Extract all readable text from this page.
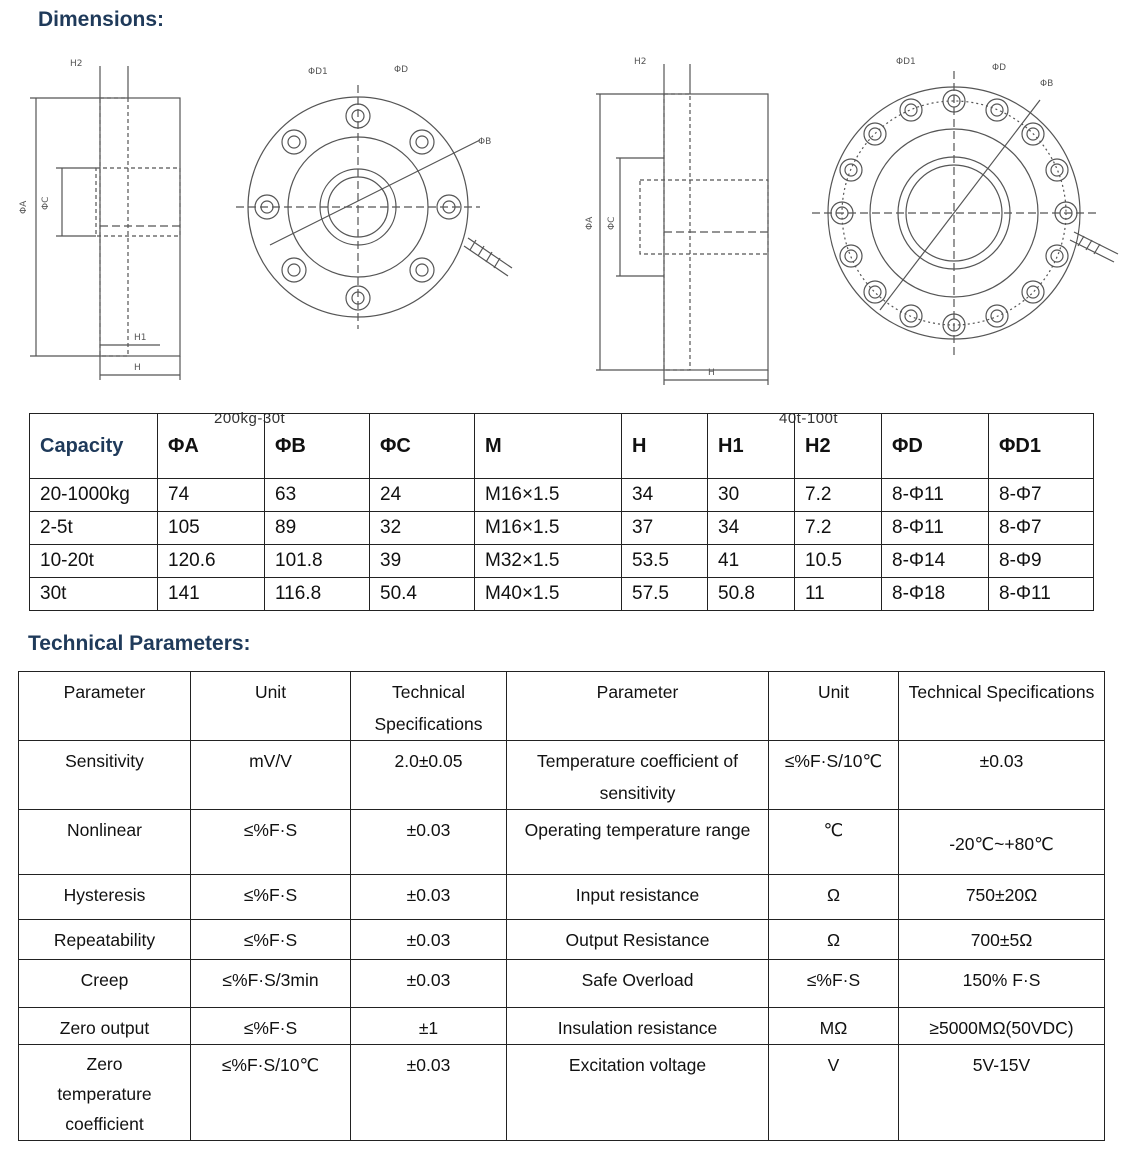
Dimensions:
H2
H1
H
ΦA ΦC
ΦD1	ΦD
ΦB
H2
H
ΦA ΦC
ΦD1
ΦD
ΦB
200kg-30t	40t-100t
Capacity	ΦA	ΦB	ΦC	M	H	H1	H2	ΦD	ΦD1
20-1000kg	74	63	24	M16×1.5	34	30	7.2	8-Φ11	8-Φ7
2-5t	105	89	32	M16×1.5	37	34	7.2	8-Φ11	8-Φ7
10-20t	120.6	101.8	39	M32×1.5	53.5	41	10.5	8-Φ14	8-Φ9
30t	141	116.8	50.4	M40×1.5	57.5	50.8	11	8-Φ18	8-Φ11
Technical Parameters:
Parameter	Unit	Technical Specifications	Parameter	Unit	Technical Specifications
Sensitivity	mV/V	2.0±0.05	Temperature coefficient of sensitivity	≤%F·S/10℃	±0.03
Nonlinear	≤%F·S	±0.03	Operating temperature range	℃	-20℃~+80℃
Hysteresis	≤%F·S	±0.03	Input resistance	Ω	750±20Ω
Repeatability	≤%F·S	±0.03	Output Resistance	Ω	700±5Ω
Creep	≤%F·S/3min	±0.03	Safe Overload	≤%F·S	150% F·S
Zero output	≤%F·S	±1	Insulation resistance	MΩ	≥5000MΩ(50VDC)
Zero temperature coefficient	≤%F·S/10℃	±0.03	Excitation voltage	V	5V-15V
